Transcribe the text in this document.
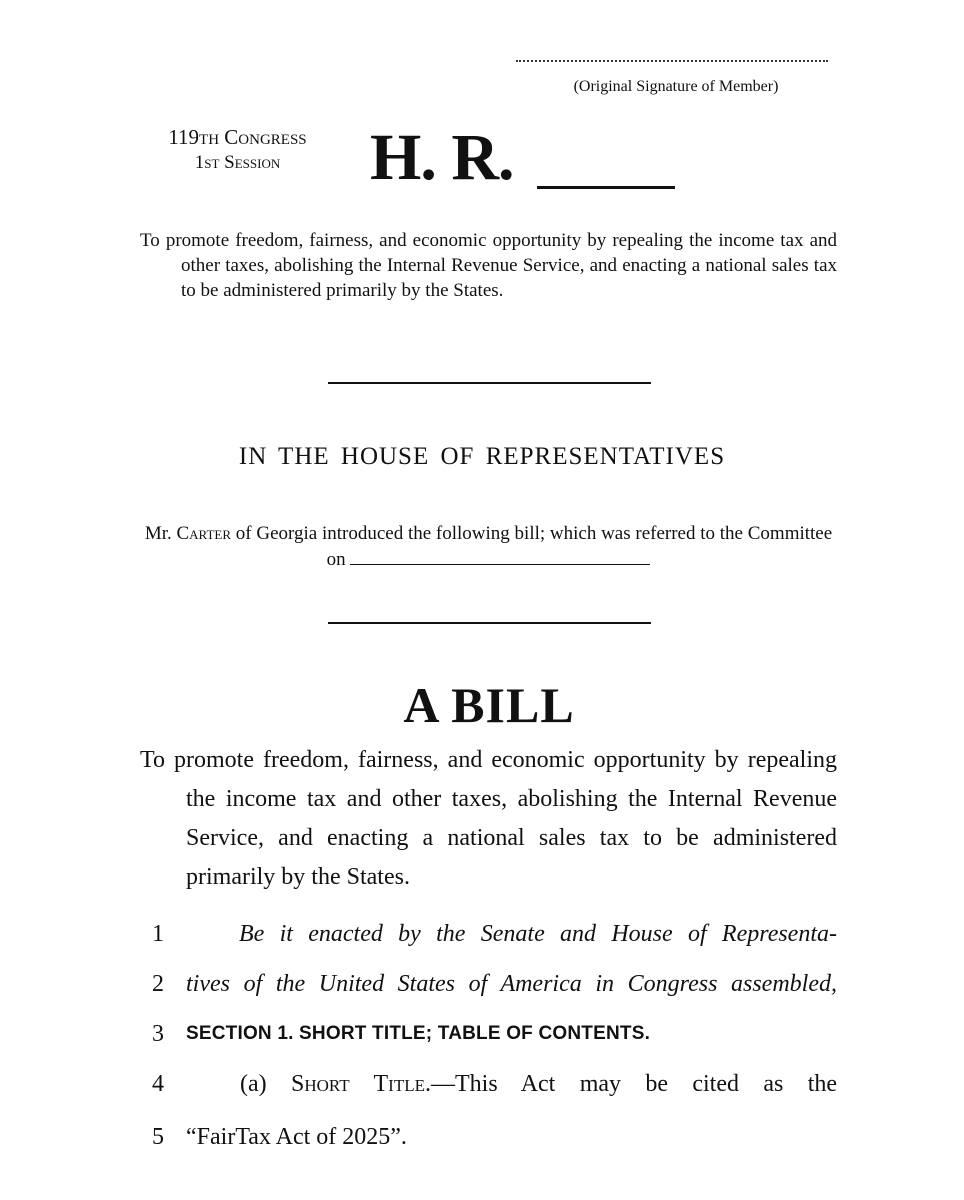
(Original Signature of Member)
119th Congress
1st Session	H. R.
To promote freedom, fairness, and economic opportunity by repealing the income tax and other taxes, abolishing the Internal Revenue Service, and enacting a national sales tax to be administered primarily by the States.
IN THE HOUSE OF REPRESENTATIVES
Mr. Carter of Georgia introduced the following bill; which was referred to the Committee on
A BILL
To promote freedom, fairness, and economic opportunity by repealing the income tax and other taxes, abolishing the Internal Revenue Service, and enacting a national sales tax to be administered primarily by the States.
1	Be it enacted by the Senate and House of Representa-
2 tives of the United States of America in Congress assembled,
3	SECTION 1. SHORT TITLE; TABLE OF CONTENTS.
4	(a) Short Title.—This Act may be cited as the
5 “FairTax Act of 2025”.
